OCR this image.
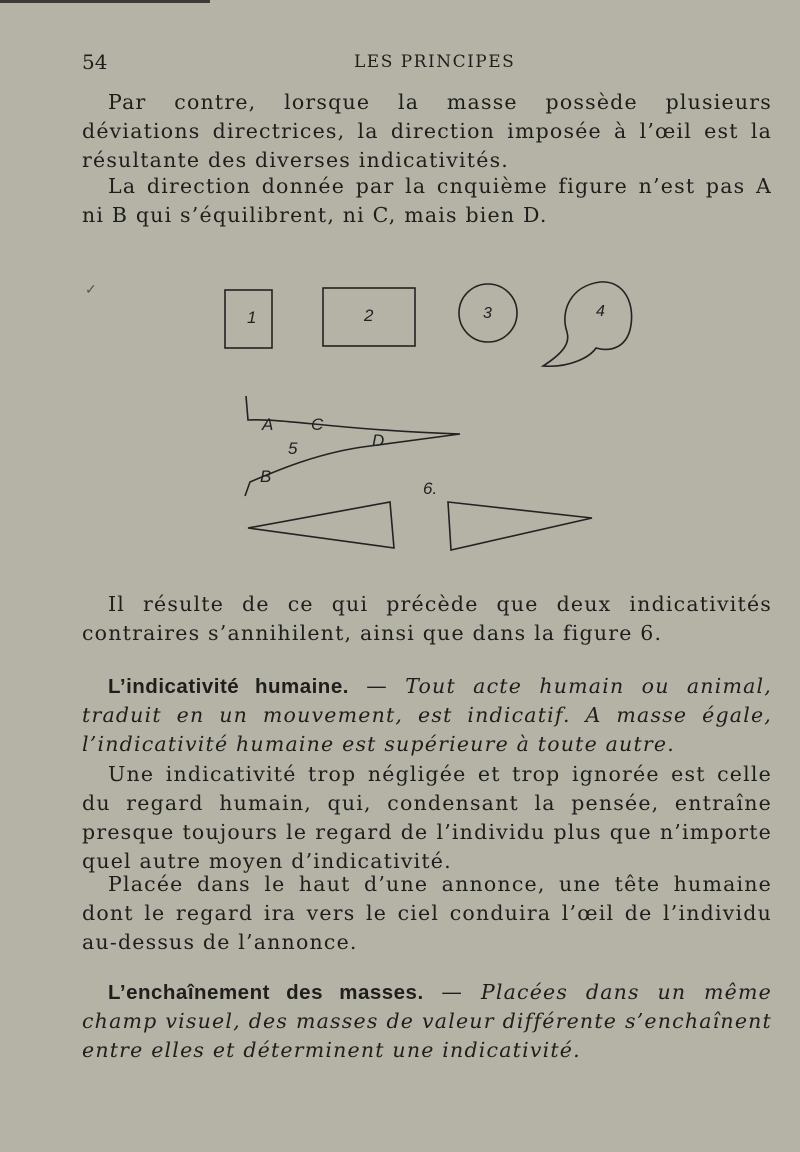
54	LES PRINCIPES

Par contre, lorsque la masse possède plusieurs déviations directrices, la direction imposée à l’œil est la résultante des diverses indicativités.

La direction donnée par la cnquième figure n’est pas A ni B qui s’équilibrent, ni C, mais bien D.

✓
1	2	3	4
A C
D
5
B
6.

Il résulte de ce qui précède que deux indicativités contraires s’annihilent, ainsi que dans la figure 6.

L’indicativité humaine. — Tout acte humain ou animal, traduit en un mouvement, est indicatif. A masse égale, l’indicativité humaine est supérieure à toute autre.

Une indicativité trop négligée et trop ignorée est celle du regard humain, qui, condensant la pensée, entraîne presque toujours le regard de l’individu plus que n’importe quel autre moyen d’indicativité.

Placée dans le haut d’une annonce, une tête humaine dont le regard ira vers le ciel conduira l’œil de l’individu au-dessus de l’annonce.

L’enchaînement des masses. — Placées dans un même champ visuel, des masses de valeur différente s’enchaînent entre elles et déterminent une indicativité.
